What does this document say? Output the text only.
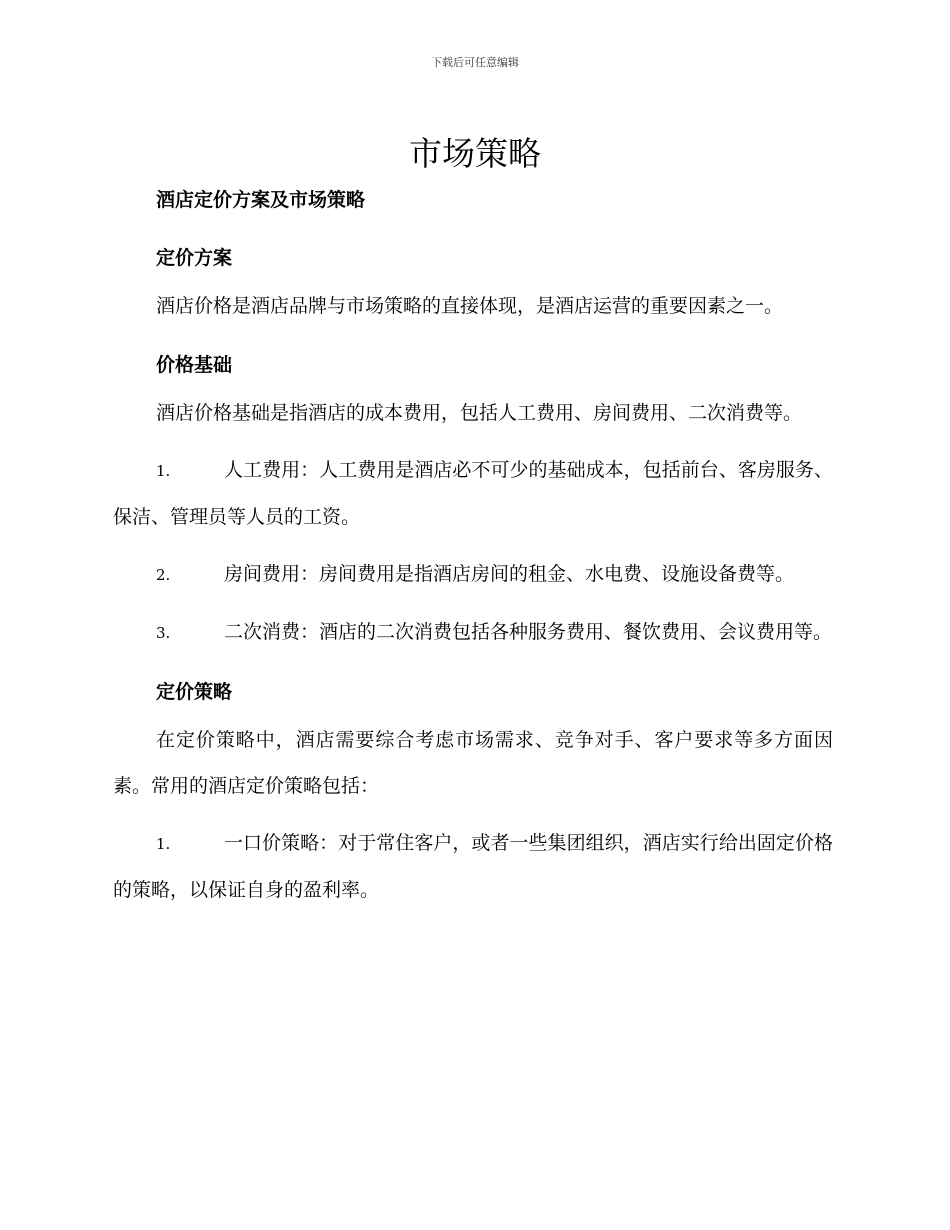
下载后可任意编辑
市场策略

酒店定价方案及市场策略

定价方案

酒店价格是酒店品牌与市场策略的直接体现，是酒店运营的重要因素之一。

价格基础

酒店价格基础是指酒店的成本费用，包括人工费用、房间费用、二次消费等。

1.	人工费用：人工费用是酒店必不可少的基础成本，包括前台、客房服务、保洁、管理员等人员的工资。

2.	房间费用：房间费用是指酒店房间的租金、水电费、设施设备费等。

3.	二次消费：酒店的二次消费包括各种服务费用、餐饮费用、会议费用等。

定价策略

在定价策略中，酒店需要综合考虑市场需求、竞争对手、客户要求等多方面因素。常用的酒店定价策略包括：

1.	一口价策略：对于常住客户，或者一些集团组织，酒店实行给出固定价格的策略，以保证自身的盈利率。
